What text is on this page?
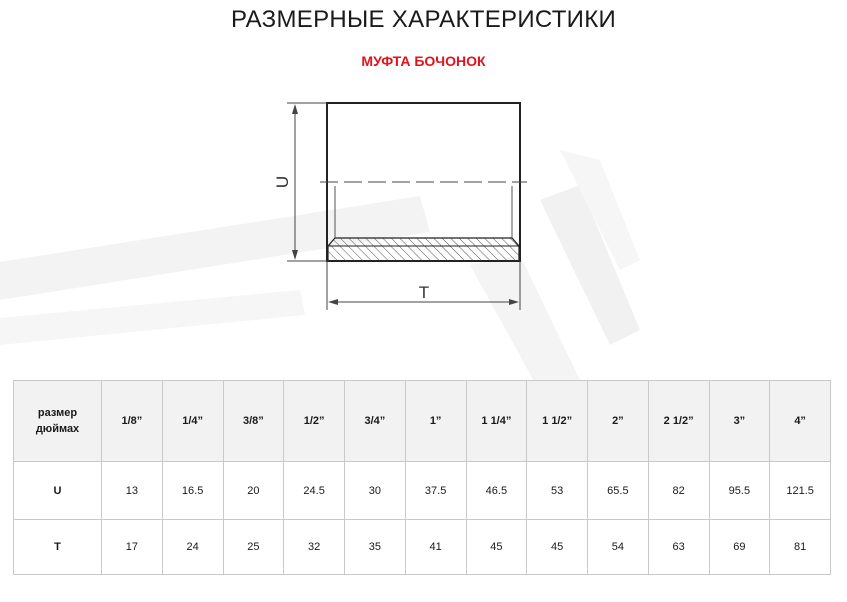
РАЗМЕРНЫЕ ХАРАКТЕРИСТИКИ
МУФТА БОЧОНОК
U
T
размер
дюймах	1/8”	1/4”	3/8”	1/2”	3/4”	1”	1 1/4”	1 1/2”	2”	2 1/2”	3”	4”
U	13	16.5	20	24.5	30	37.5	46.5	53	65.5	82	95.5	121.5
T	17	24	25	32	35	41	45	45	54	63	69	81
